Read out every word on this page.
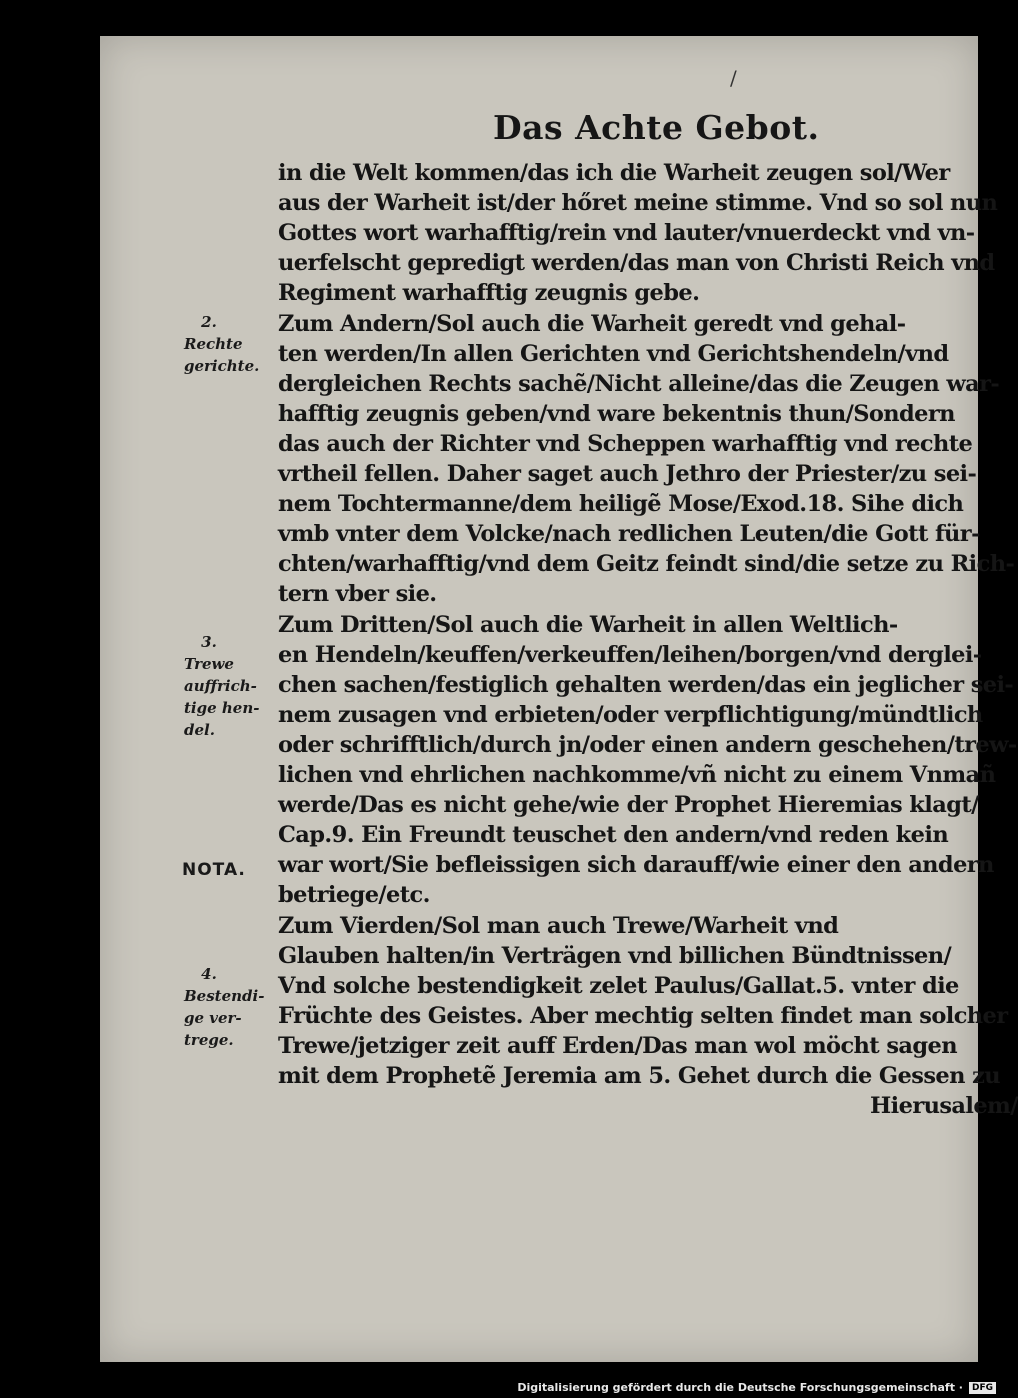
/
Das Achte Gebot.
in die Welt kommen/das ich die Warheit zeugen sol/Wer
aus der Warheit ist/der hőret meine stimme. Vnd so sol nun
Gottes wort warhafftig/rein vnd lauter/vnuerdeckt vnd vn-
uerfelscht gepredigt werden/das man von Christi Reich vnd
Regiment warhafftig zeugnis gebe.
Zum Andern/Sol auch die Warheit geredt vnd gehal-
ten werden/In allen Gerichten vnd Gerichtshendeln/vnd
dergleichen Rechts sachẽ/Nicht alleine/das die Zeugen war-
hafftig zeugnis geben/vnd ware bekentnis thun/Sondern
das auch der Richter vnd Scheppen warhafftig vnd rechte
vrtheil fellen. Daher saget auch Jethro der Priester/zu sei-
nem Tochtermanne/dem heiligẽ Mose/Exod.18. Sihe dich
vmb vnter dem Volcke/nach redlichen Leuten/die Gott für-
chten/warhafftig/vnd dem Geitz feindt sind/die setze zu Rich-
tern vber sie.
Zum Dritten/Sol auch die Warheit in allen Weltlich-
en Hendeln/keuffen/verkeuffen/leihen/borgen/vnd derglei-
chen sachen/festiglich gehalten werden/das ein jeglicher sei-
nem zusagen vnd erbieten/oder verpflichtigung/mündtlich
oder schrifftlich/durch jn/oder einen andern geschehen/trew-
lichen vnd ehrlichen nachkomme/vñ nicht zu einem Vnmañ
werde/Das es nicht gehe/wie der Prophet Hieremias klagt/
Cap.9. Ein Freundt teuschet den andern/vnd reden kein
war wort/Sie befleissigen sich darauff/wie einer den andern
betriege/etc.
Zum Vierden/Sol man auch Trewe/Warheit vnd
Glauben halten/in Verträgen vnd billichen Bündtnissen/
Vnd solche bestendigkeit zelet Paulus/Gallat.5. vnter die
Früchte des Geistes. Aber mechtig selten findet man solcher
Trewe/jetziger zeit auff Erden/Das man wol möcht sagen
mit dem Prophetẽ Jeremia am 5. Gehet durch die Gessen zu
Hierusalem/
2.
Rechte
gerichte.
3.
Trewe
auffrich-
tige hen-
del.
4.
Bestendi-
ge ver-
trege.
NOTA.
Digitalisierung gefördert durch die Deutsche Forschungsgemeinschaft ·	DFG
